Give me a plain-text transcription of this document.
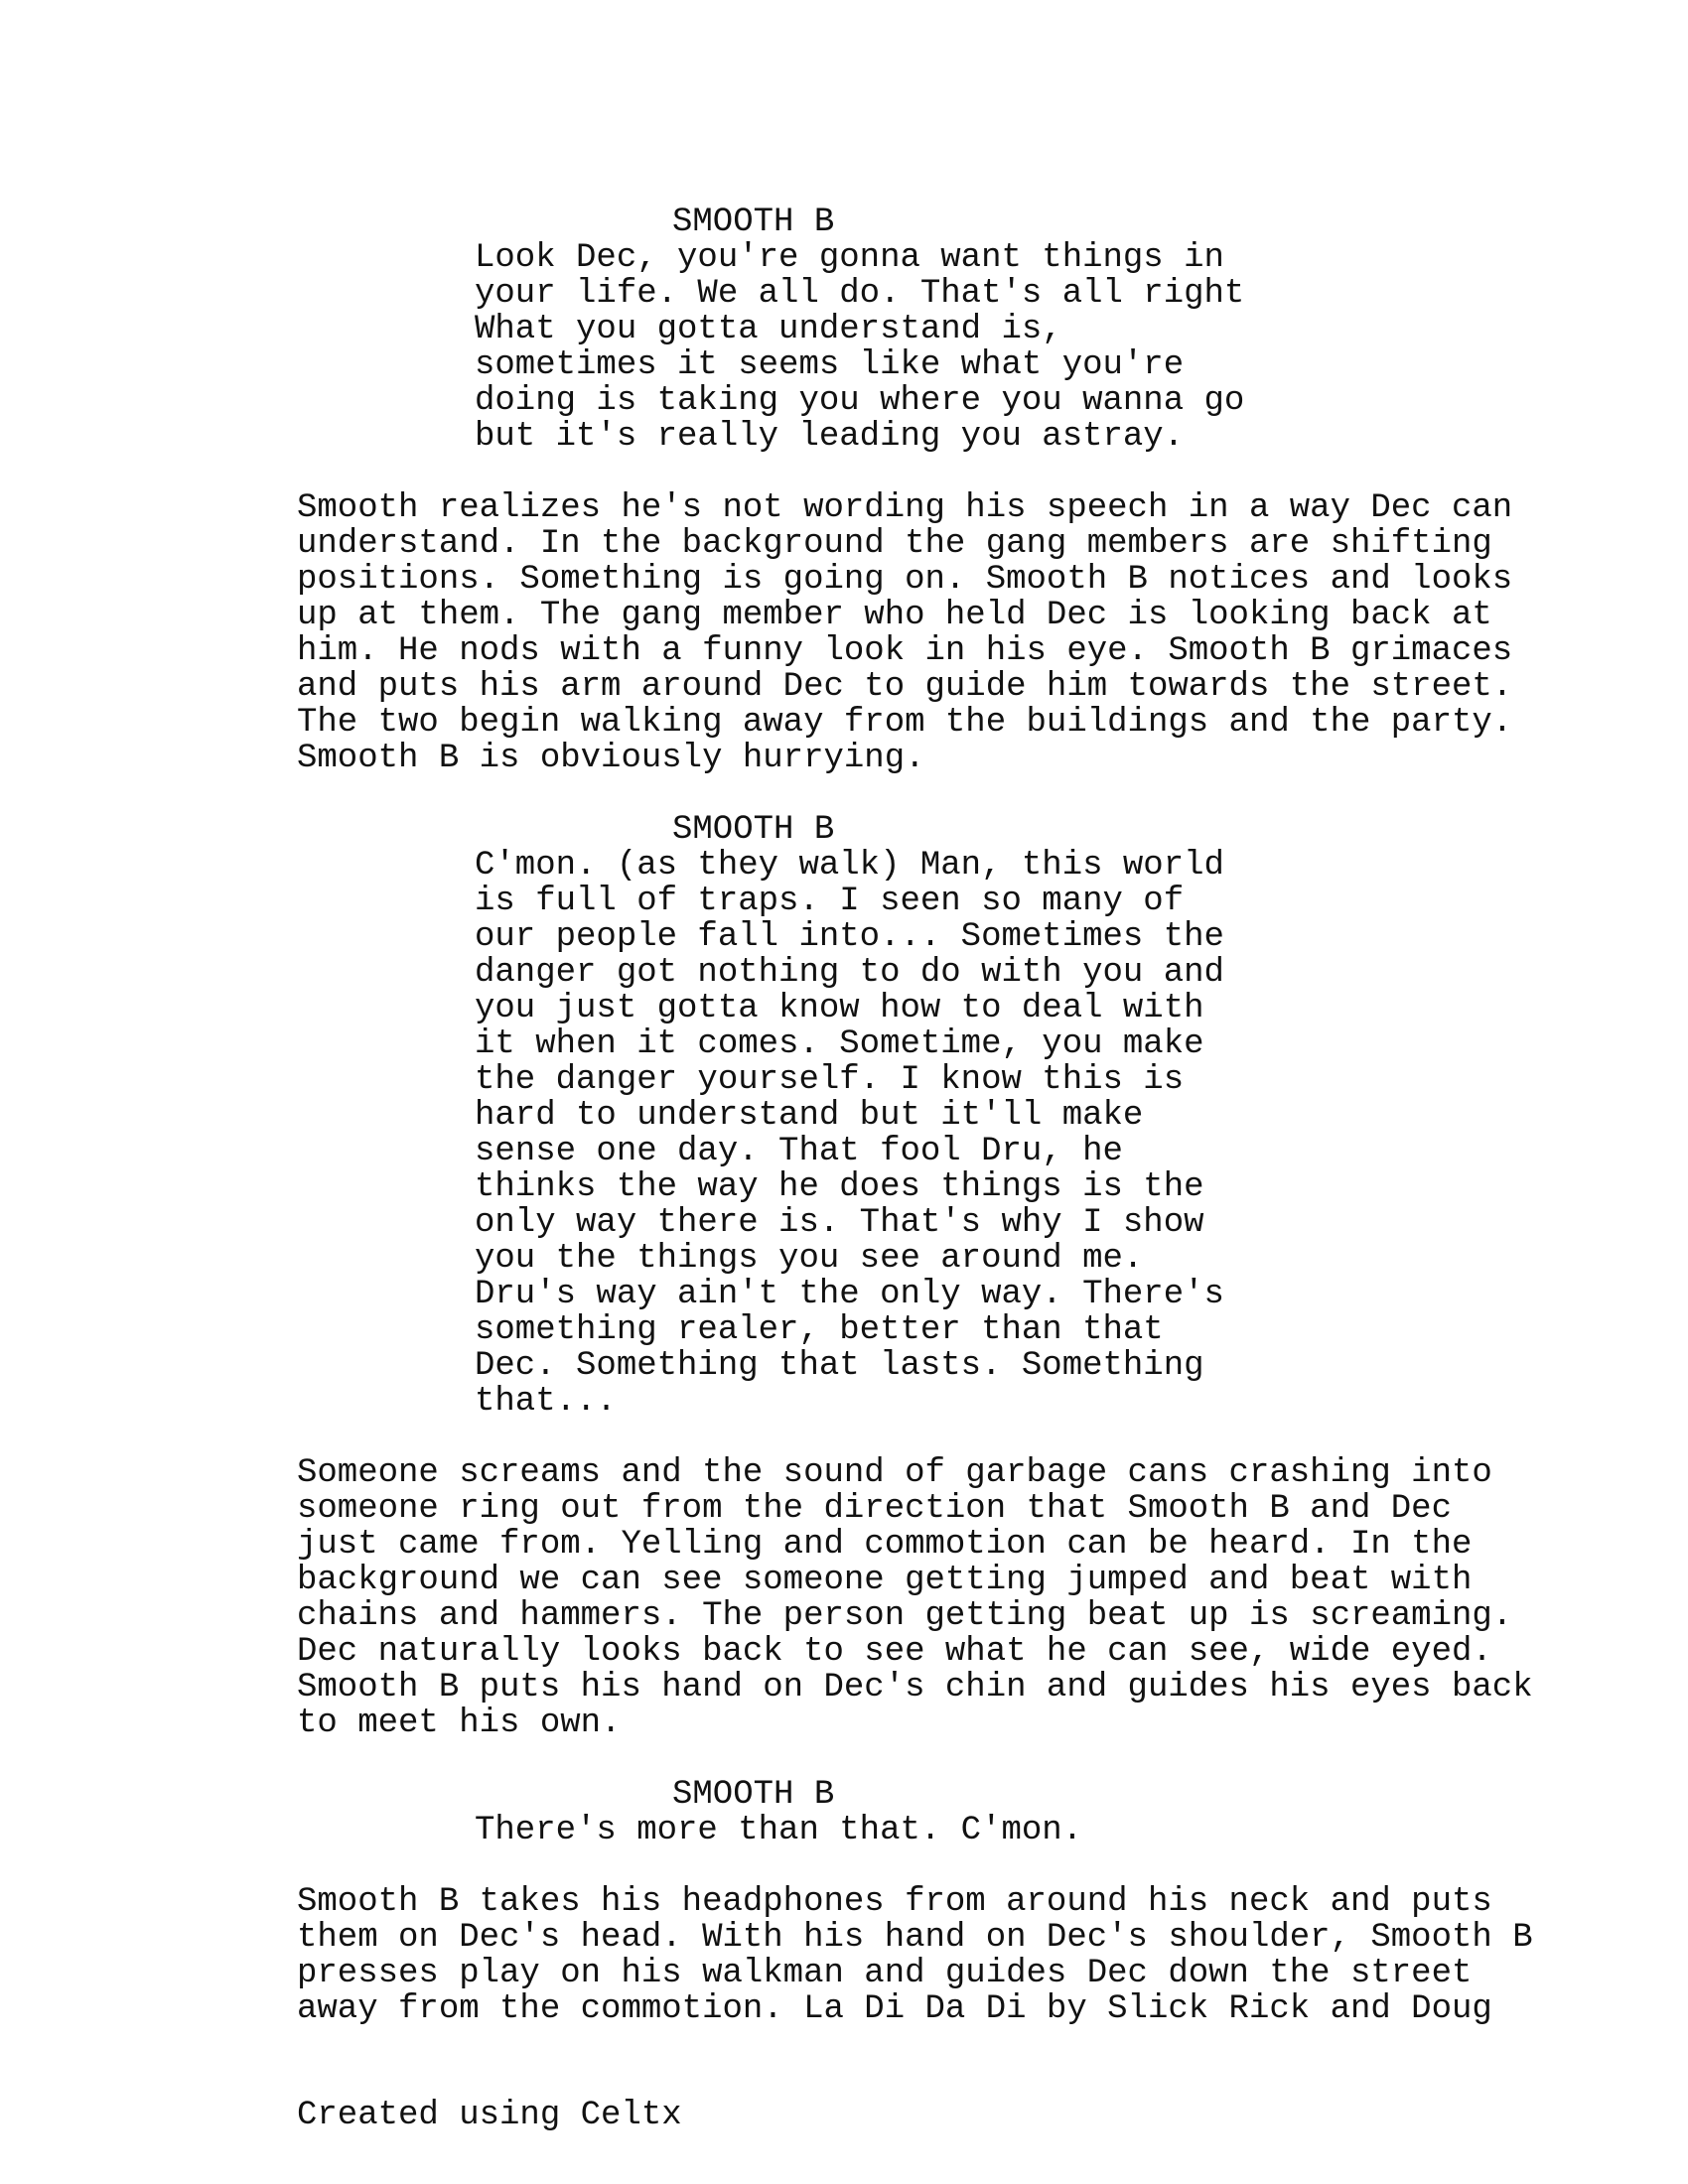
SMOOTH B
Look Dec, you're gonna want things in
your life. We all do. That's all right
What you gotta understand is,
sometimes it seems like what you're
doing is taking you where you wanna go
but it's really leading you astray.
Smooth realizes he's not wording his speech in a way Dec can
understand. In the background the gang members are shifting
positions. Something is going on. Smooth B notices and looks
up at them. The gang member who held Dec is looking back at
him. He nods with a funny look in his eye. Smooth B grimaces
and puts his arm around Dec to guide him towards the street.
The two begin walking away from the buildings and the party.
Smooth B is obviously hurrying.
SMOOTH B
C'mon. (as they walk) Man, this world
is full of traps. I seen so many of
our people fall into... Sometimes the
danger got nothing to do with you and
you just gotta know how to deal with
it when it comes. Sometime, you make
the danger yourself. I know this is
hard to understand but it'll make
sense one day. That fool Dru, he
thinks the way he does things is the
only way there is. That's why I show
you the things you see around me.
Dru's way ain't the only way. There's
something realer, better than that
Dec. Something that lasts. Something
that...
Someone screams and the sound of garbage cans crashing into
someone ring out from the direction that Smooth B and Dec
just came from. Yelling and commotion can be heard. In the
background we can see someone getting jumped and beat with
chains and hammers. The person getting beat up is screaming.
Dec naturally looks back to see what he can see, wide eyed.
Smooth B puts his hand on Dec's chin and guides his eyes back
to meet his own.
SMOOTH B
There's more than that. C'mon.
Smooth B takes his headphones from around his neck and puts
them on Dec's head. With his hand on Dec's shoulder, Smooth B
presses play on his walkman and guides Dec down the street
away from the commotion. La Di Da Di by Slick Rick and Doug
Created using Celtx
